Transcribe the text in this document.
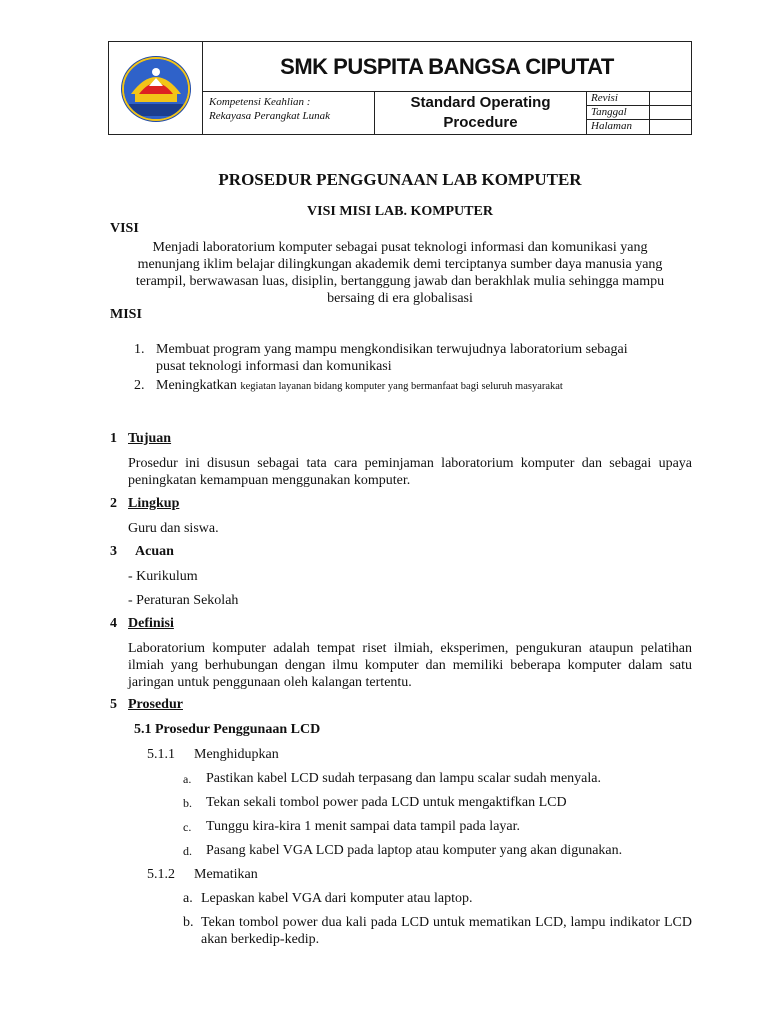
SMK PUSPITA BANGSA CIPUTAT
Kompetensi Keahlian :
Rekayasa Perangkat Lunak
Standard Operating
Procedure
Revisi
Tanggal
Halaman
PROSEDUR PENGGUNAAN LAB KOMPUTER
VISI MISI LAB. KOMPUTER
VISI
Menjadi laboratorium komputer sebagai pusat teknologi informasi dan komunikasi yang
menunjang iklim belajar dilingkungan akademik demi terciptanya sumber daya manusia yang
terampil, berwawasan luas, disiplin, bertanggung jawab dan berakhlak mulia sehingga mampu
bersaing di era globalisasi
MISI
1. Membuat program yang mampu mengkondisikan terwujudnya laboratorium sebagai
pusat teknologi informasi dan komunikasi
2. Meningkatkan kegiatan layanan bidang komputer yang bermanfaat bagi seluruh masyarakat
1 Tujuan
Prosedur ini disusun sebagai tata cara peminjaman laboratorium komputer dan sebagai upaya peningkatan kemampuan menggunakan komputer.
2 Lingkup
Guru dan siswa.
3 Acuan
- Kurikulum
- Peraturan Sekolah
4 Definisi
Laboratorium komputer adalah tempat riset ilmiah, eksperimen, pengukuran ataupun pelatihan ilmiah yang berhubungan dengan ilmu komputer dan memiliki beberapa komputer dalam satu jaringan untuk penggunaan oleh kalangan tertentu.
5 Prosedur
5.1 Prosedur Penggunaan LCD
5.1.1 Menghidupkan
a. Pastikan kabel LCD sudah terpasang dan lampu scalar sudah menyala.
b. Tekan sekali tombol power pada LCD untuk mengaktifkan LCD
c. Tunggu kira-kira 1 menit sampai data tampil pada layar.
d. Pasang kabel VGA LCD pada laptop atau komputer yang akan digunakan.
5.1.2 Mematikan
a. Lepaskan kabel VGA dari komputer atau laptop.
b. Tekan tombol power dua kali pada LCD untuk mematikan LCD, lampu indikator LCD akan berkedip-kedip.
